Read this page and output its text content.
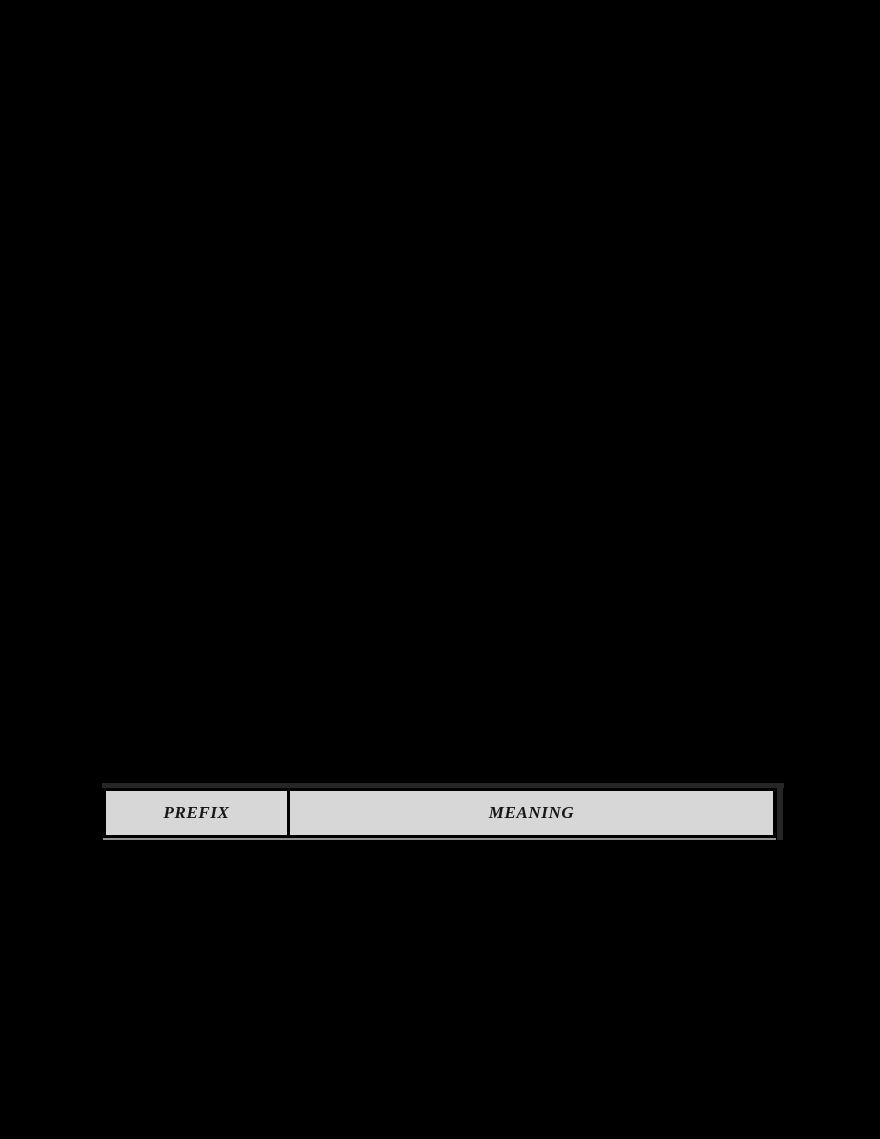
PREFIX	MEANING
